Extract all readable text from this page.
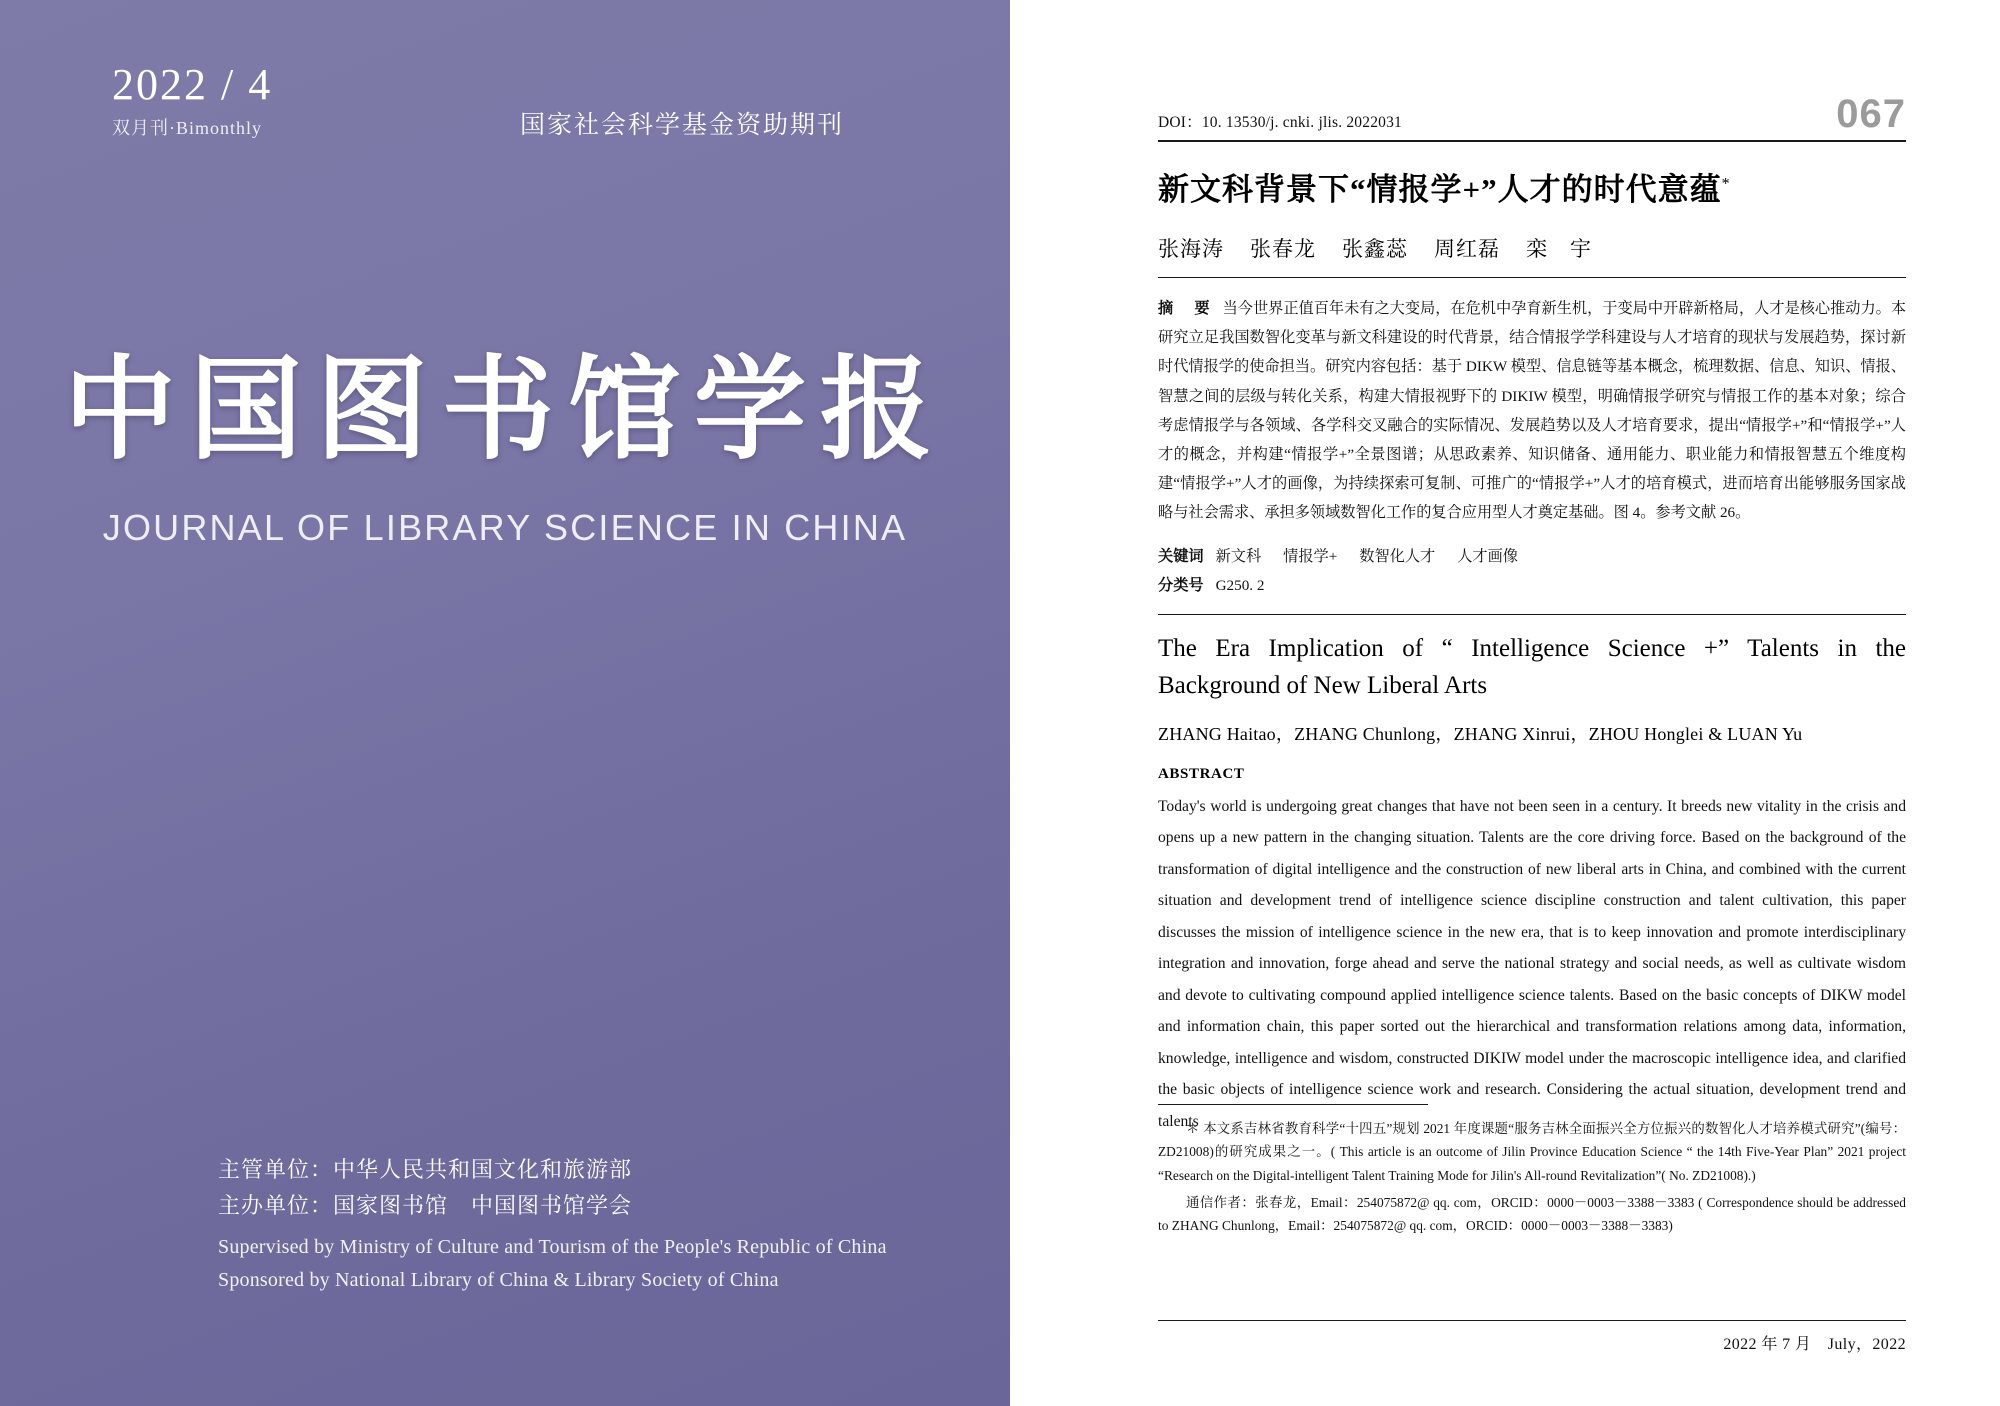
2022 / 4
双月刊·Bimonthly	国家社会科学基金资助期刊
中国图书馆学报
JOURNAL OF LIBRARY SCIENCE IN CHINA
主管单位：中华人民共和国文化和旅游部
主办单位：国家图书馆　中国图书馆学会
Supervised by Ministry of Culture and Tourism of the People's Republic of China
Sponsored by National Library of China & Library Society of China
DOI：10. 13530/j. cnki. jlis. 2022031	067
新文科背景下“情报学+”人才的时代意蕴*
张海涛 张春龙 张鑫蕊 周红磊 栾　宇

摘　要 当今世界正值百年未有之大变局，在危机中孕育新生机，于变局中开辟新格局，人才是核心推动力。本研究立足我国数智化变革与新文科建设的时代背景，结合情报学学科建设与人才培育的现状与发展趋势，探讨新时代情报学的使命担当。研究内容包括：基于 DIKW 模型、信息链等基本概念，梳理数据、信息、知识、情报、智慧之间的层级与转化关系，构建大情报视野下的 DIKIW 模型，明确情报学研究与情报工作的基本对象；综合考虑情报学与各领域、各学科交叉融合的实际情况、发展趋势以及人才培育要求，提出“情报学+”和“情报学+”人才的概念，并构建“情报学+”全景图谱；从思政素养、知识储备、通用能力、职业能力和情报智慧五个维度构建“情报学+”人才的画像，为持续探索可复制、可推广的“情报学+”人才的培育模式，进而培育出能够服务国家战略与社会需求、承担多领域数智化工作的复合应用型人才奠定基础。图 4。参考文献 26。

关键词 新文科 情报学+ 数智化人才 人才画像
分类号 G250. 2
The Era Implication of “ Intelligence Science +” Talents in the Background of New Liberal Arts
ZHANG Haitao，ZHANG Chunlong，ZHANG Xinrui，ZHOU Honglei & LUAN Yu
ABSTRACT

Today's world is undergoing great changes that have not been seen in a century. It breeds new vitality in the crisis and opens up a new pattern in the changing situation. Talents are the core driving force. Based on the background of the transformation of digital intelligence and the construction of new liberal arts in China, and combined with the current situation and development trend of intelligence science discipline construction and talent cultivation, this paper discusses the mission of intelligence science in the new era, that is to keep innovation and promote interdisciplinary integration and innovation, forge ahead and serve the national strategy and social needs, as well as cultivate wisdom and devote to cultivating compound applied intelligence science talents. Based on the basic concepts of DIKW model and information chain, this paper sorted out the hierarchical and transformation relations among data, information, knowledge, intelligence and wisdom, constructed DIKIW model under the macroscopic intelligence idea, and clarified the basic objects of intelligence science work and research. Considering the actual situation, development trend and talents

＊ 本文系吉林省教育科学“十四五”规划 2021 年度课题“服务吉林全面振兴全方位振兴的数智化人才培养模式研究”(编号：ZD21008)的研究成果之一。( This article is an outcome of Jilin Province Education Science “ the 14th Five-Year Plan” 2021 project “Research on the Digital-intelligent Talent Training Mode for Jilin's All-round Revitalization”( No. ZD21008).)

通信作者：张春龙，Email：254075872@ qq. com，ORCID：0000－0003－3388－3383 ( Correspondence should be addressed to ZHANG Chunlong，Email：254075872@ qq. com，ORCID：0000－0003－3388－3383)

2022 年 7 月　July，2022
